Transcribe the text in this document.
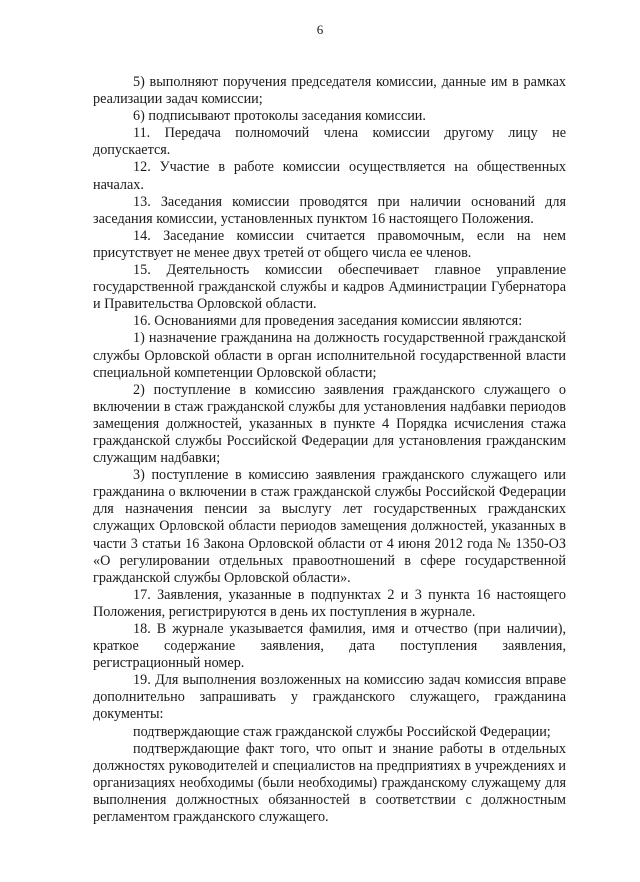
6

5) выполняют поручения председателя комиссии, данные им в рамках реализации задач комиссии;

6) подписывают протоколы заседания комиссии.

11. Передача полномочий члена комиссии другому лицу не допускается.

12. Участие в работе комиссии осуществляется на общественных началах.

13. Заседания комиссии проводятся при наличии оснований для заседания комиссии, установленных пунктом 16 настоящего Положения.

14. Заседание комиссии считается правомочным, если на нем присутствует не менее двух третей от общего числа ее членов.

15. Деятельность комиссии обеспечивает главное управление государственной гражданской службы и кадров Администрации Губернатора и Правительства Орловской области.

16. Основаниями для проведения заседания комиссии являются:

1) назначение гражданина на должность государственной гражданской службы Орловской области в орган исполнительной государственной власти специальной компетенции Орловской области;

2) поступление в комиссию заявления гражданского служащего о включении в стаж гражданской службы для установления надбавки периодов замещения должностей, указанных в пункте 4 Порядка исчисления стажа гражданской службы Российской Федерации для установления гражданским служащим надбавки;

3) поступление в комиссию заявления гражданского служащего или гражданина о включении в стаж гражданской службы Российской Федерации для назначения пенсии за выслугу лет государственных гражданских служащих Орловской области периодов замещения должностей, указанных в части 3 статьи 16 Закона Орловской области от 4 июня 2012 года № 1350-ОЗ «О регулировании отдельных правоотношений в сфере государственной гражданской службы Орловской области».

17. Заявления, указанные в подпунктах 2 и 3 пункта 16 настоящего Положения, регистрируются в день их поступления в журнале.

18. В журнале указывается фамилия, имя и отчество (при наличии), краткое содержание заявления, дата поступления заявления, регистрационный номер.

19. Для выполнения возложенных на комиссию задач комиссия вправе дополнительно запрашивать у гражданского служащего, гражданина документы:

подтверждающие стаж гражданской службы Российской Федерации;

подтверждающие факт того, что опыт и знание работы в отдельных должностях руководителей и специалистов на предприятиях в учреждениях и организациях необходимы (были необходимы) гражданскому служащему для выполнения должностных обязанностей в соответствии с должностным регламентом гражданского служащего.
